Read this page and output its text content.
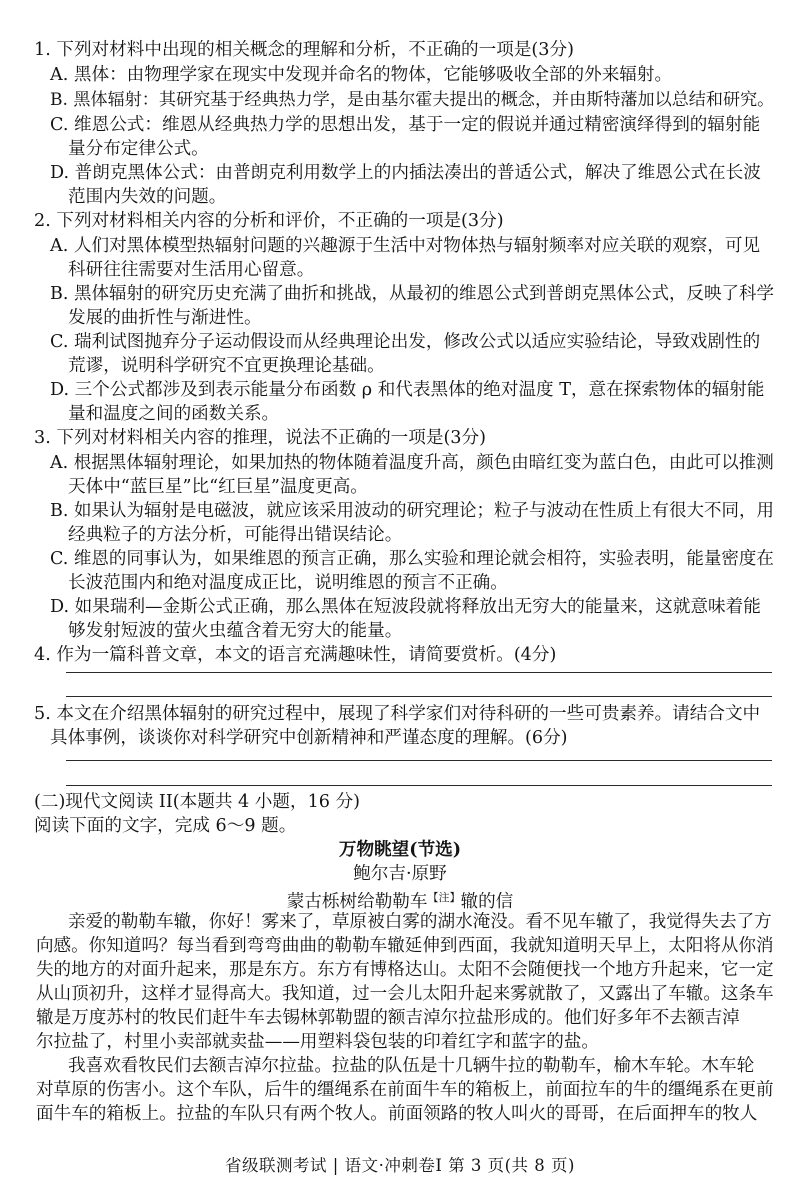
1. 下列对材料中出现的相关概念的理解和分析，不正确的一项是(3分)
A. 黑体：由物理学家在现实中发现并命名的物体，它能够吸收全部的外来辐射。
B. 黑体辐射：其研究基于经典热力学，是由基尔霍夫提出的概念，并由斯特藩加以总结和研究。
C. 维恩公式：维恩从经典热力学的思想出发，基于一定的假说并通过精密演绎得到的辐射能
量分布定律公式。
D. 普朗克黑体公式：由普朗克利用数学上的内插法凑出的普适公式，解决了维恩公式在长波
范围内失效的问题。
2. 下列对材料相关内容的分析和评价，不正确的一项是(3分)
A. 人们对黑体模型热辐射问题的兴趣源于生活中对物体热与辐射频率对应关联的观察，可见
科研往往需要对生活用心留意。
B. 黑体辐射的研究历史充满了曲折和挑战，从最初的维恩公式到普朗克黑体公式，反映了科学
发展的曲折性与渐进性。
C. 瑞利试图抛弃分子运动假设而从经典理论出发，修改公式以适应实验结论，导致戏剧性的
荒谬，说明科学研究不宜更换理论基础。
D. 三个公式都涉及到表示能量分布函数 ρ 和代表黑体的绝对温度 T，意在探索物体的辐射能
量和温度之间的函数关系。
3. 下列对材料相关内容的推理，说法不正确的一项是(3分)
A. 根据黑体辐射理论，如果加热的物体随着温度升高，颜色由暗红变为蓝白色，由此可以推测
天体中“蓝巨星”比“红巨星”温度更高。
B. 如果认为辐射是电磁波，就应该采用波动的研究理论；粒子与波动在性质上有很大不同，用
经典粒子的方法分析，可能得出错误结论。
C. 维恩的同事认为，如果维恩的预言正确，那么实验和理论就会相符，实验表明，能量密度在
长波范围内和绝对温度成正比，说明维恩的预言不正确。
D. 如果瑞利—金斯公式正确，那么黑体在短波段就将释放出无穷大的能量来，这就意味着能
够发射短波的萤火虫蕴含着无穷大的能量。
4. 作为一篇科普文章，本文的语言充满趣味性，请简要赏析。(4分)
5. 本文在介绍黑体辐射的研究过程中，展现了科学家们对待科研的一些可贵素养。请结合文中
具体事例，谈谈你对科学研究中创新精神和严谨态度的理解。(6分)
(二)现代文阅读 II(本题共 4 小题，16 分)
阅读下面的文字，完成 6～9 题。
万物眺望(节选)
鲍尔吉·原野
蒙古栎树给勒勒车$^{【注】}$辙的信
亲爱的勒勒车辙，你好！雾来了，草原被白雾的湖水淹没。看不见车辙了，我觉得失去了方
向感。你知道吗？每当看到弯弯曲曲的勒勒车辙延伸到西面，我就知道明天早上，太阳将从你消
失的地方的对面升起来，那是东方。东方有博格达山。太阳不会随便找一个地方升起来，它一定
从山顶初升，这样才显得高大。我知道，过一会儿太阳升起来雾就散了，又露出了车辙。这条车
辙是万度苏村的牧民们赶牛车去锡林郭勒盟的额吉淖尔拉盐形成的。他们好多年不去额吉淖
尔拉盐了，村里小卖部就卖盐——用塑料袋包装的印着红字和蓝字的盐。
我喜欢看牧民们去额吉淖尔拉盐。拉盐的队伍是十几辆牛拉的勒勒车，榆木车轮。木车轮
对草原的伤害小。这个车队，后牛的缰绳系在前面牛车的箱板上，前面拉车的牛的缰绳系在更前
面牛车的箱板上。拉盐的车队只有两个牧人。前面领路的牧人叫火的哥哥，在后面押车的牧人
省级联测考试 | 语文·冲刺卷Ⅰ 第 3 页(共 8 页)
